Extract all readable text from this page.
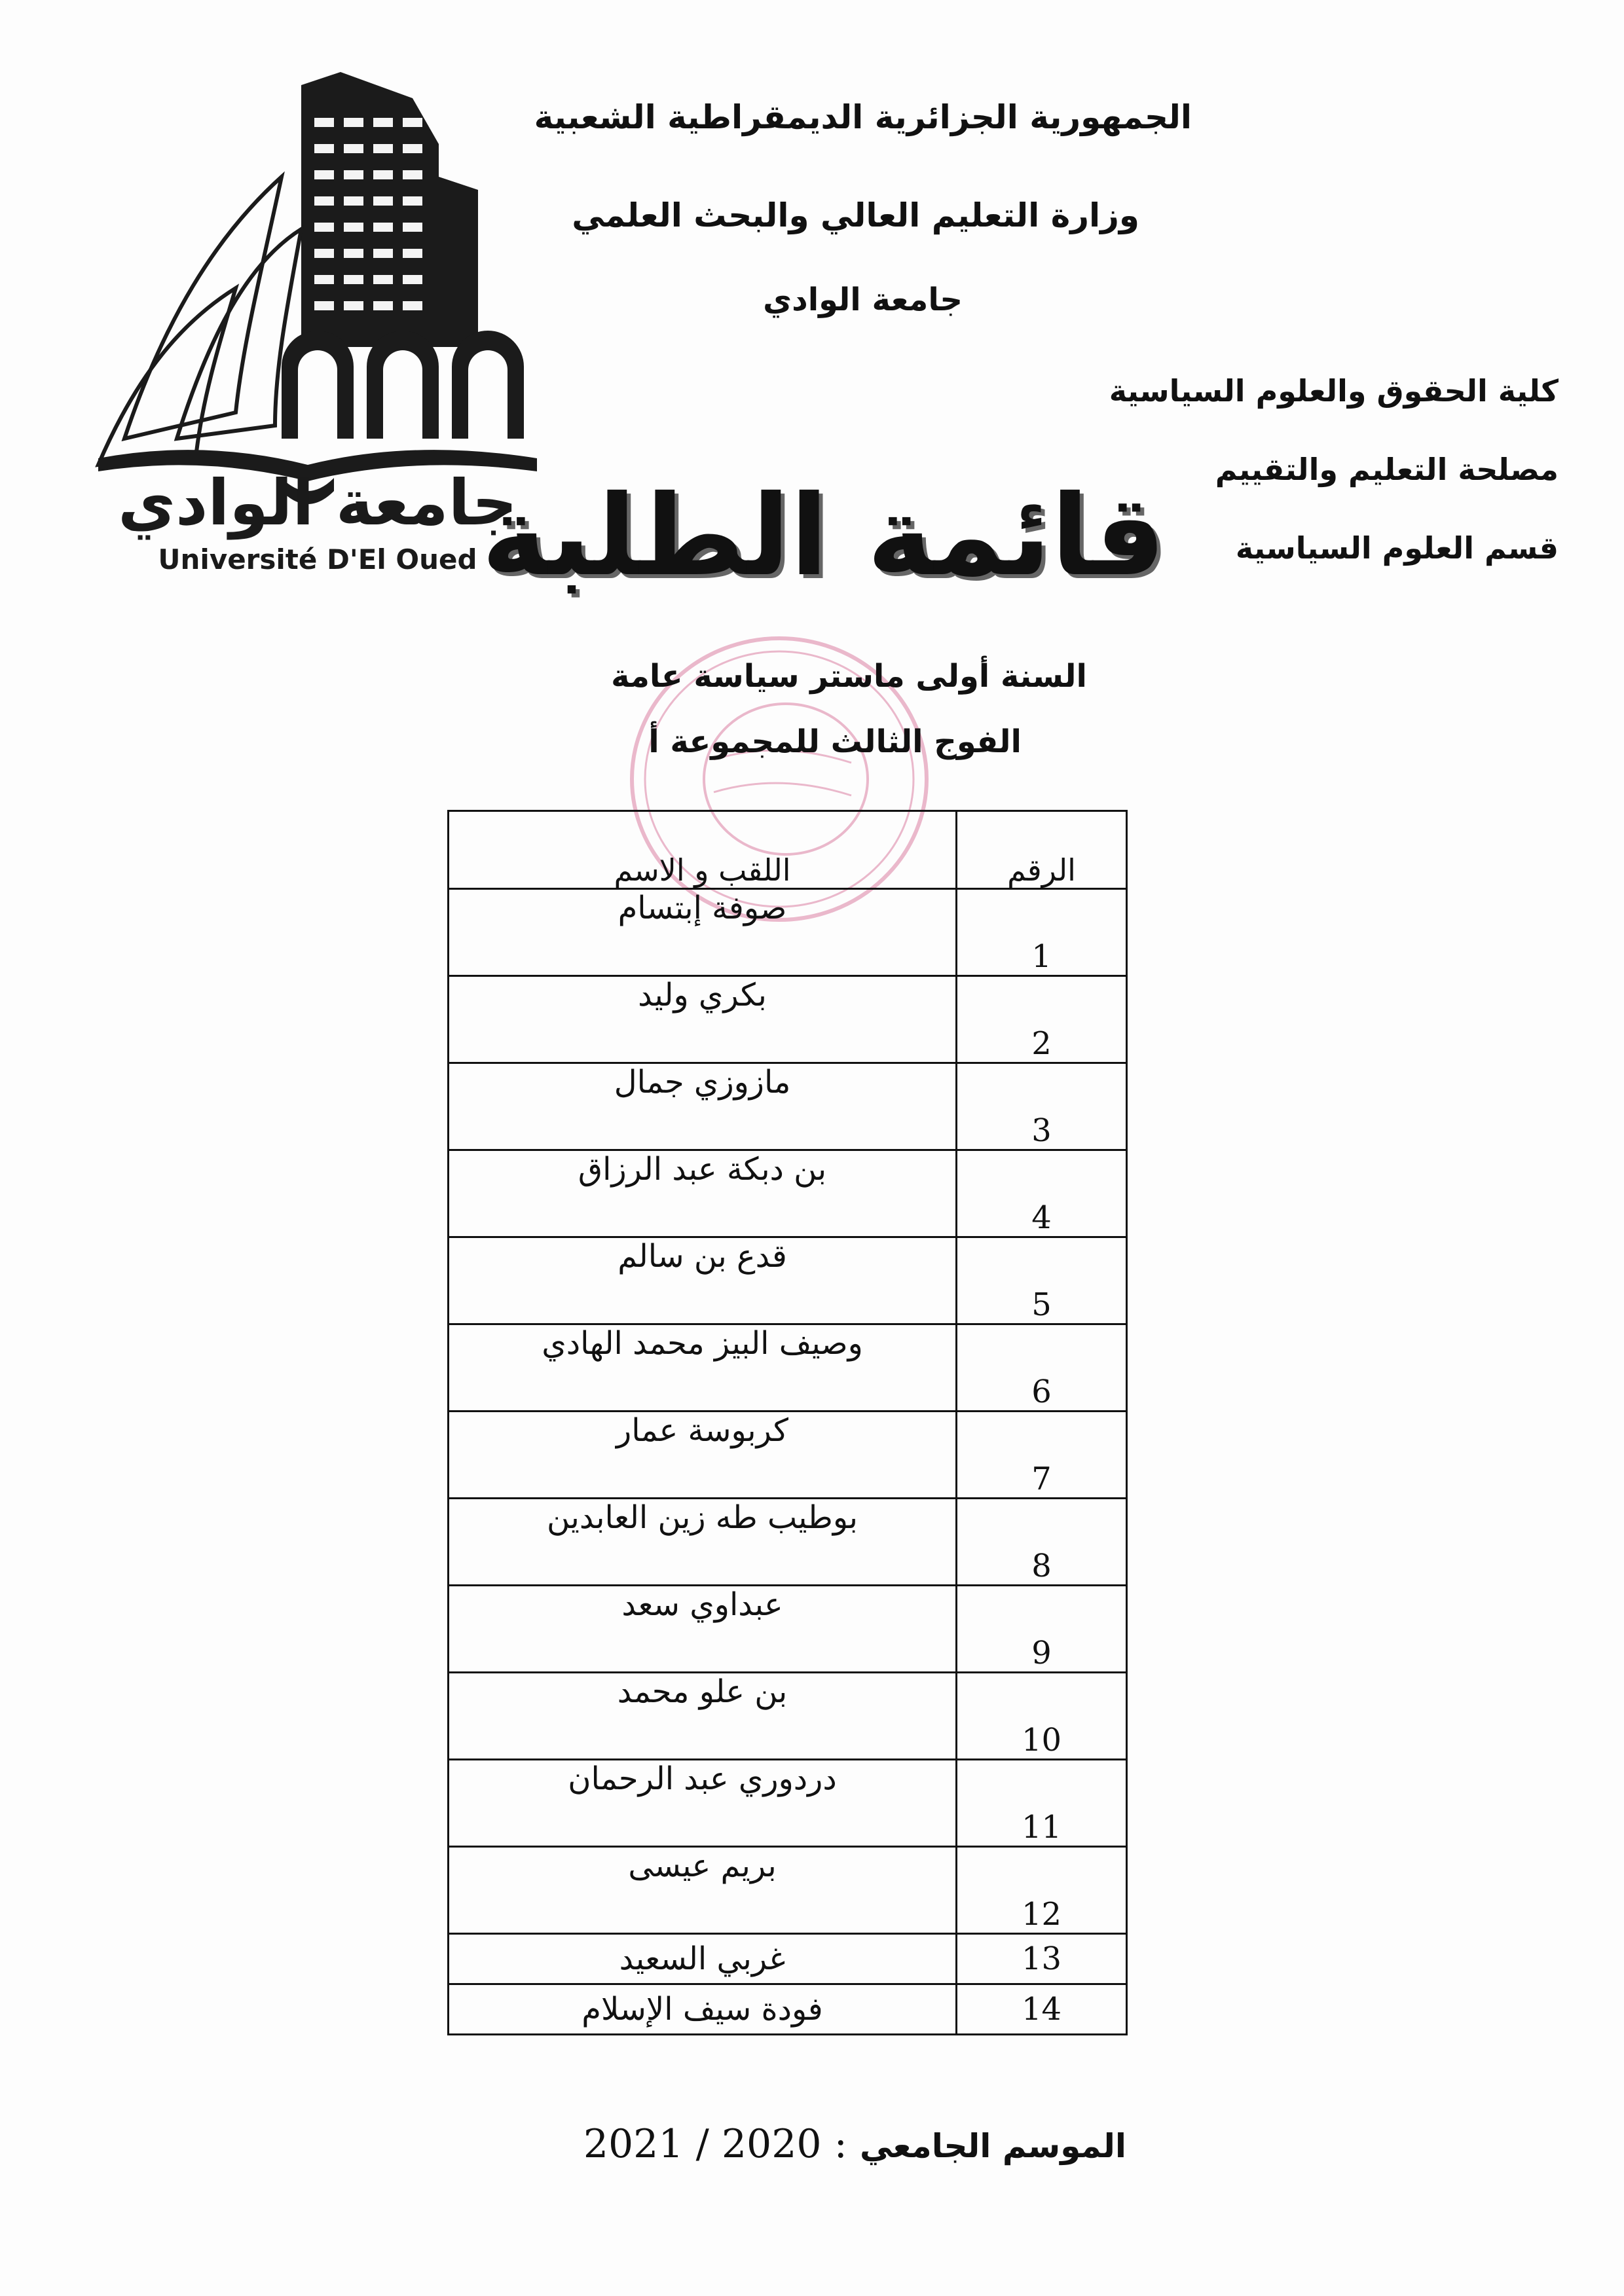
جامعة الوادي
Université D'El Oued
الجمهورية الجزائرية الديمقراطية الشعبية
وزارة التعليم العالي والبحث العلمي
جامعة الوادي
كلية الحقوق والعلوم السياسية
مصلحة التعليم والتقييم
قسم العلوم السياسية
قائمة الطلبة
السنة أولى ماستر سياسة عامة
الفوج الثالث للمجموعة أ
الرقم	اللقب و الاسم
1	صوفة إبتسام
2	بكري وليد
3	مازوزي جمال
4	بن دبكة عبد الرزاق
5	قدع بن سالم
6	وصيف البيز محمد الهادي
7	كربوسة عمار
8	بوطيب طه زين العابدين
9	عبداوي سعد
10	بن علو محمد
11	دردوري عبد الرحمان
12	بريم عيسى
13	غربي السعيد
14	فودة سيف الإسلام
الموسم الجامعي : 2021 / 2020
